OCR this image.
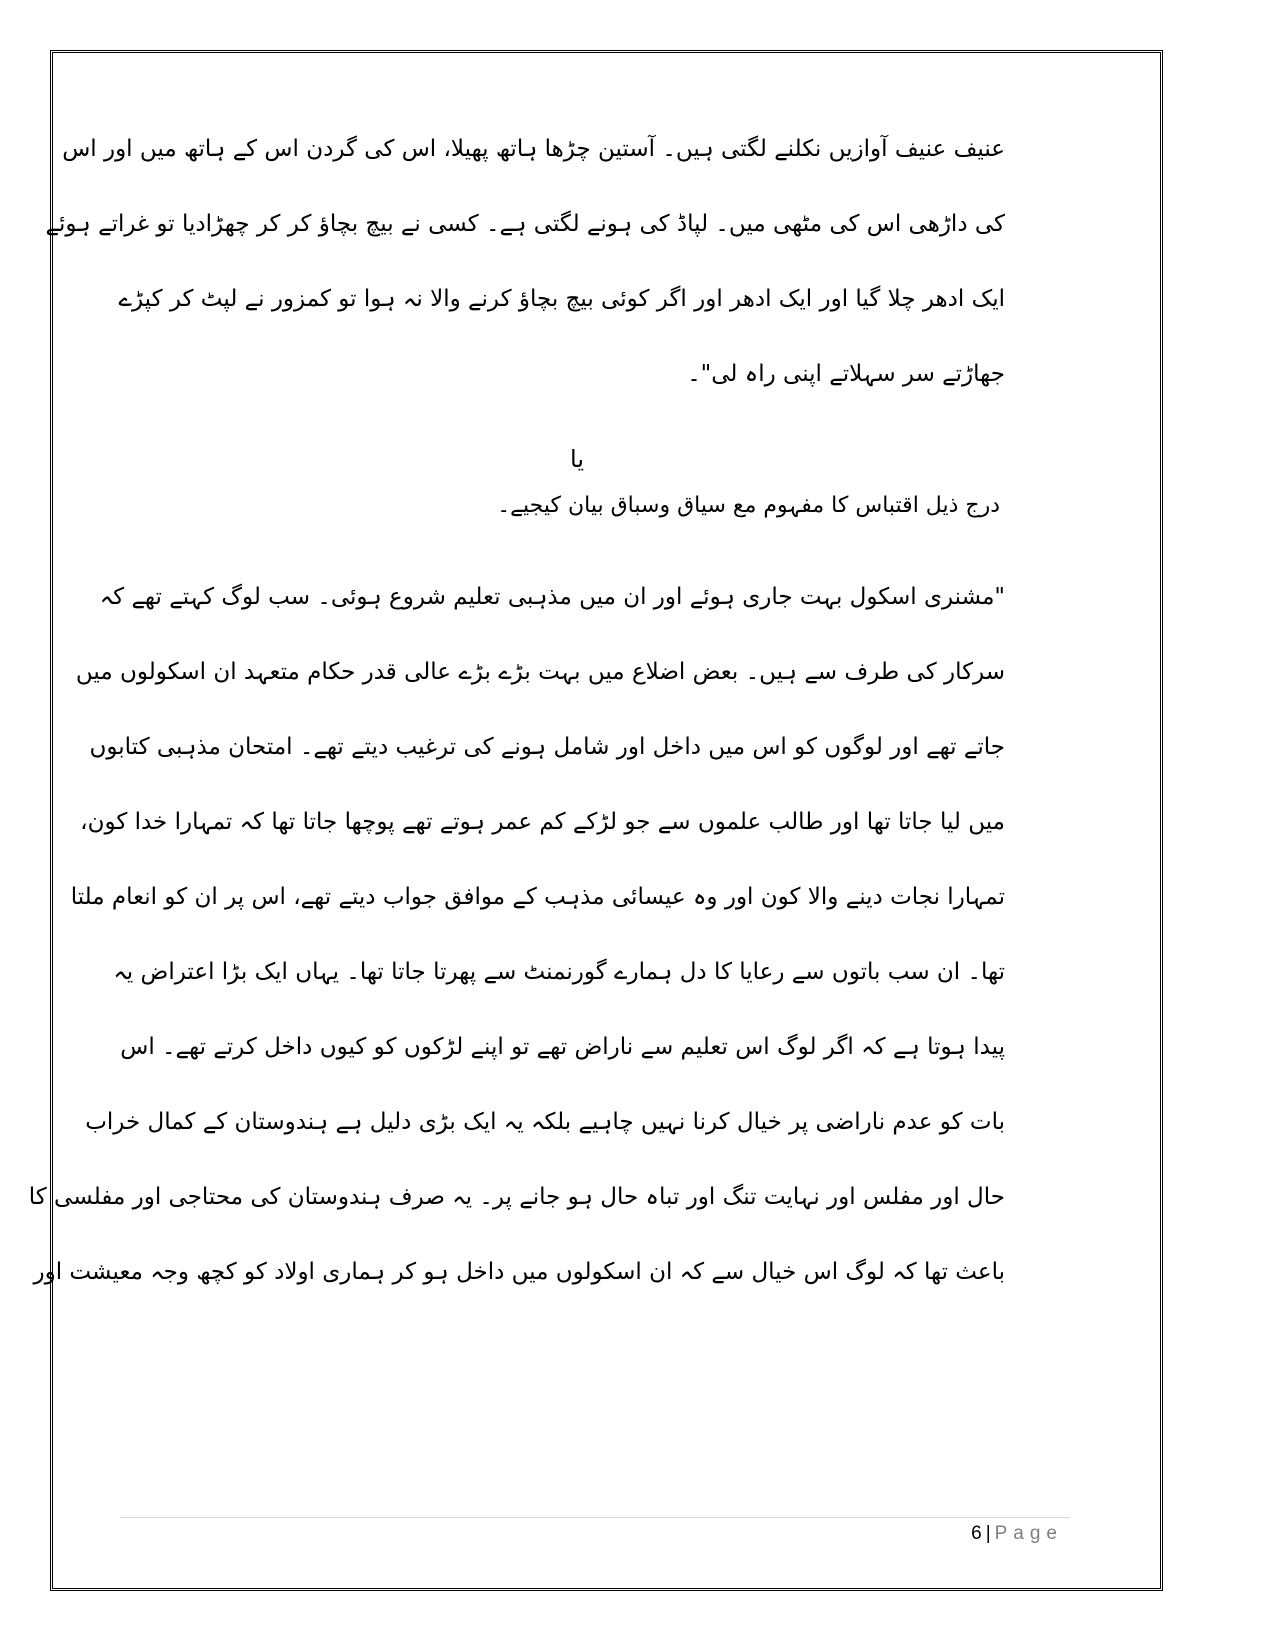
عنیف عنیف آوازیں نکلنے لگتی ہیں۔ آستین چڑھا ہاتھ پھیلا، اس کی گردن اس کے ہاتھ میں اور اس
کی داڑھی اس کی مٹھی میں۔ لپاڈ کی ہونے لگتی ہے۔ کسی نے بیچ بچاؤ کر کر چھڑادیا تو غراتے ہوئے
ایک ادھر چلا گیا اور ایک ادھر اور اگر کوئی بیچ بچاؤ کرنے والا نہ ہوا تو کمزور نے لپٹ کر کپڑے
جھاڑتے سر سہلاتے اپنی راہ لی"۔
یا
درج ذیل اقتباس کا مفہوم مع سیاق وسباق بیان کیجیے۔
"مشنری اسکول بہت جاری ہوئے اور ان میں مذہبی تعلیم شروع ہوئی۔ سب لوگ کہتے تھے کہ
سرکار کی طرف سے ہیں۔ بعض اضلاع میں بہت بڑے بڑے عالی قدر حکام متعہد ان اسکولوں میں
جاتے تھے اور لوگوں کو اس میں داخل اور شامل ہونے کی ترغیب دیتے تھے۔ امتحان مذہبی کتابوں
میں لیا جاتا تھا اور طالب علموں سے جو لڑکے کم عمر ہوتے تھے پوچھا جاتا تھا کہ تمہارا خدا کون،
تمہارا نجات دینے والا کون اور وہ عیسائی مذہب کے موافق جواب دیتے تھے، اس پر ان کو انعام ملتا
تھا۔ ان سب باتوں سے رعایا کا دل ہمارے گورنمنٹ سے پھرتا جاتا تھا۔ یہاں ایک بڑا اعتراض یہ
پیدا ہوتا ہے کہ اگر لوگ اس تعلیم سے ناراض تھے تو اپنے لڑکوں کو کیوں داخل کرتے تھے۔ اس
بات کو عدم ناراضی پر خیال کرنا نہیں چاہیے بلکہ یہ ایک بڑی دلیل ہے ہندوستان کے کمال خراب
حال اور مفلس اور نہایت تنگ اور تباہ حال ہو جانے پر۔ یہ صرف ہندوستان کی محتاجی اور مفلسی کا
باعث تھا کہ لوگ اس خیال سے کہ ان اسکولوں میں داخل ہو کر ہماری اولاد کو کچھ وجہ معیشت اور
6 | Page
